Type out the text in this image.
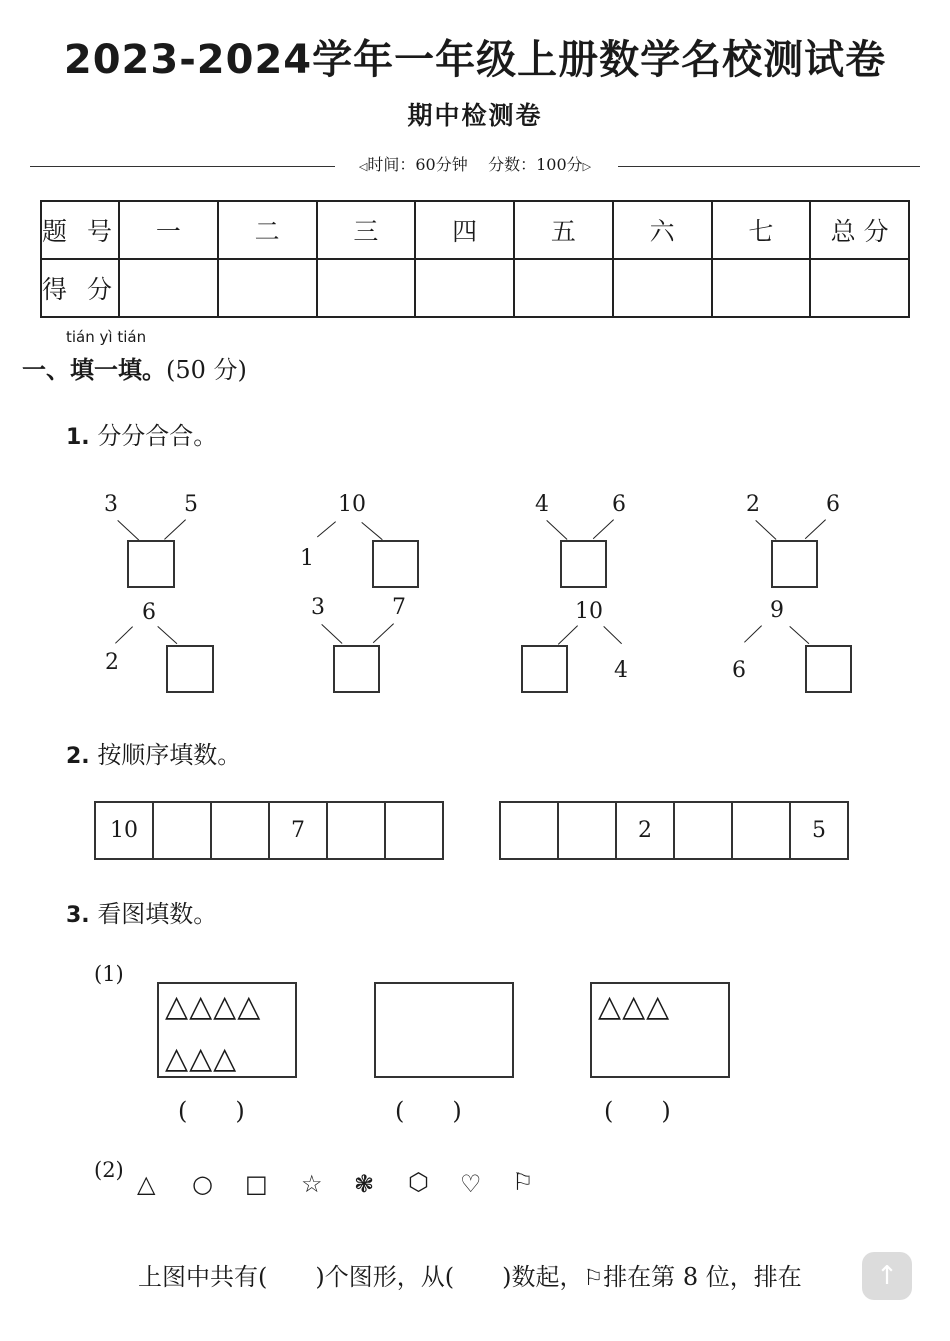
2023-2024学年一年级上册数学名校测试卷
期中检测卷
◁时间：60分钟 分数：100分▷
题 号	一	二	三	四	五	六	七	总 分
得 分								
tián yì tián
一、填一填。(50 分)
1. 分分合合。
3	5	10
1
4	6	2	6
6
2
3	7	10
4
9
6
2. 按顺序填数。
10	7	2	5
3. 看图填数。
(1)
△△△△
△△△
△△△
(　　)	(　　)	(　　)
(2) △ ○ □ ☆ ❃ ⬡ ♡ ⚐
上图中共有(　　)个图形，从(　　)数起，⚐排在第 8 位，排在	↑
